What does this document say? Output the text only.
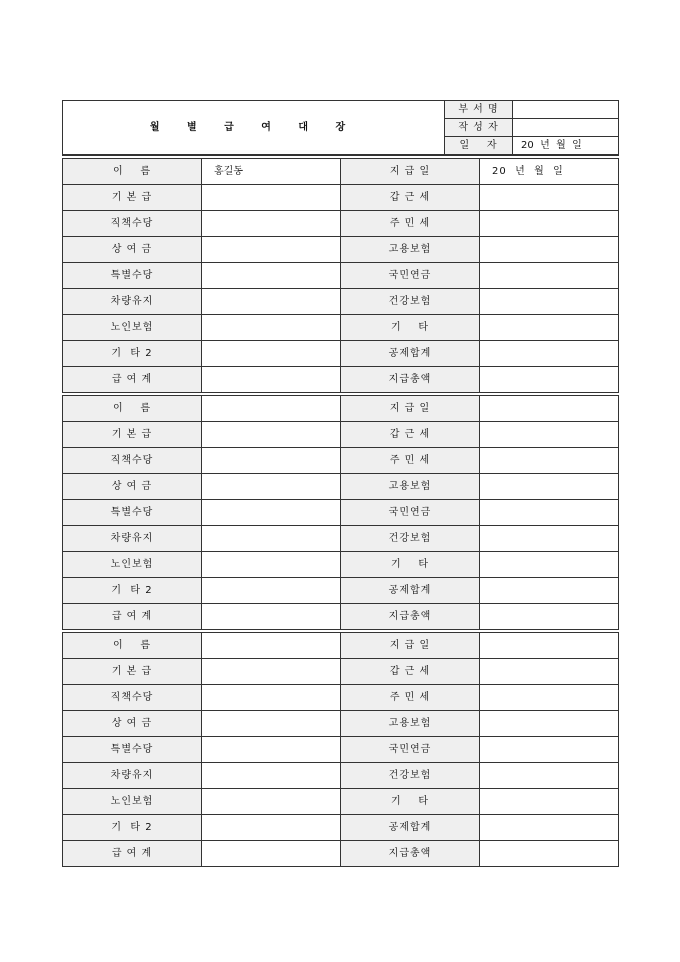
월 별 급 여 대 장	부 서 명	
	작 성 자	
	일    자	20  년  월  일
이    름	홍길동	지 급 일	20  년  월  일
기 본 급		갑 근 세	
직책수당		주 민 세	
상 여 금		고용보험	
특별수당		국민연금	
차량유지		건강보험	
노인보험		기    타	
기  타 2		공제합계	
급 여 계		지급총액	
이    름		지 급 일	
기 본 급		갑 근 세	
직책수당		주 민 세	
상 여 금		고용보험	
특별수당		국민연금	
차량유지		건강보험	
노인보험		기    타	
기  타 2		공제합계	
급 여 계		지급총액	
이    름		지 급 일	
기 본 급		갑 근 세	
직책수당		주 민 세	
상 여 금		고용보험	
특별수당		국민연금	
차량유지		건강보험	
노인보험		기    타	
기  타 2		공제합계	
급 여 계		지급총액	
